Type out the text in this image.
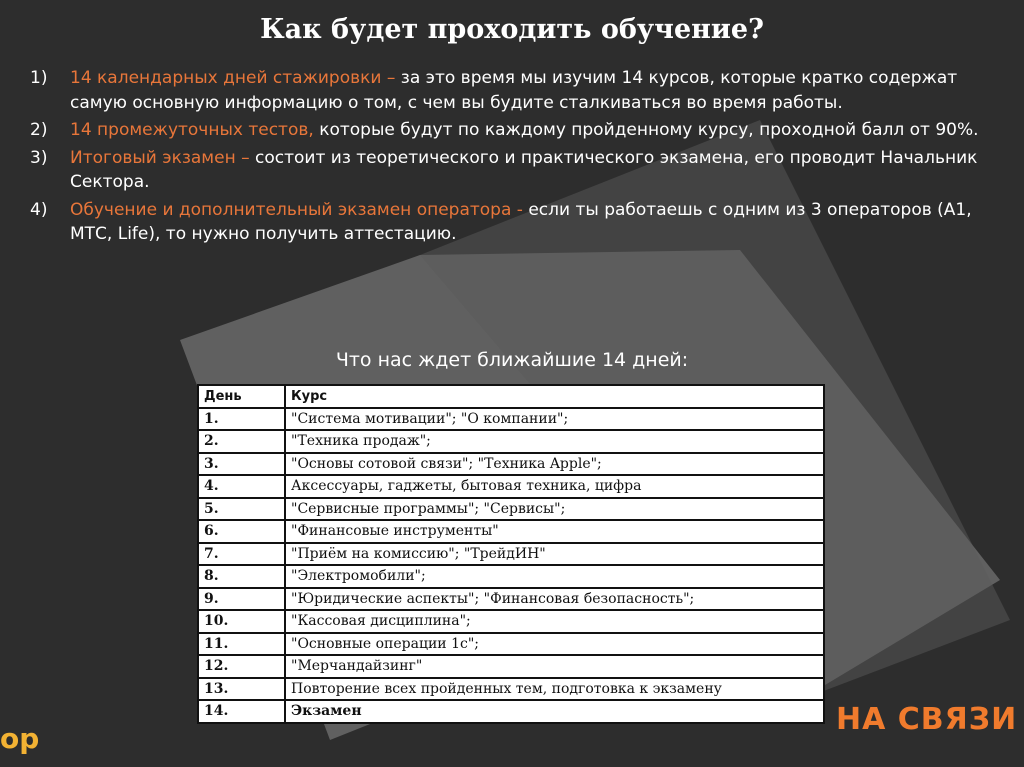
Как будет проходить обучение?
1)	14 календарных дней стажировки – за это время мы изучим 14 курсов, которые кратко содержат самую основную информацию о том, с чем вы будите сталкиваться во время работы.
2)	14 промежуточных тестов, которые будут по каждому пройденному курсу, проходной балл от 90%.
3)	Итоговый экзамен – состоит из теоретического и практического экзамена, его проводит Начальник Сектора.
4)	Обучение и дополнительный экзамен оператора - если ты работаешь с одним из 3 операторов (А1, МТС, Life), то нужно получить аттестацию.
Что нас ждет ближайшие 14 дней:
День	Курс
1.	"Система мотивации"; "О компании";
2.	"Техника продаж";
3.	"Основы сотовой связи"; "Техника Apple";
4.	Аксессуары, гаджеты, бытовая техника, цифра
5.	"Сервисные программы"; "Сервисы";
6.	"Финансовые инструменты"
7.	"Приём на комиссию"; "ТрейдИН"
8.	"Электромобили";
9.	"Юридические аспекты"; "Финансовая безопасность";
10.	"Кассовая дисциплина";
11.	"Основные операции 1с";
12.	"Мерчандайзинг"
13.	Повторение всех пройденных тем, подготовка к экзамену
14.	Экзамен
op
НА СВЯЗИ
